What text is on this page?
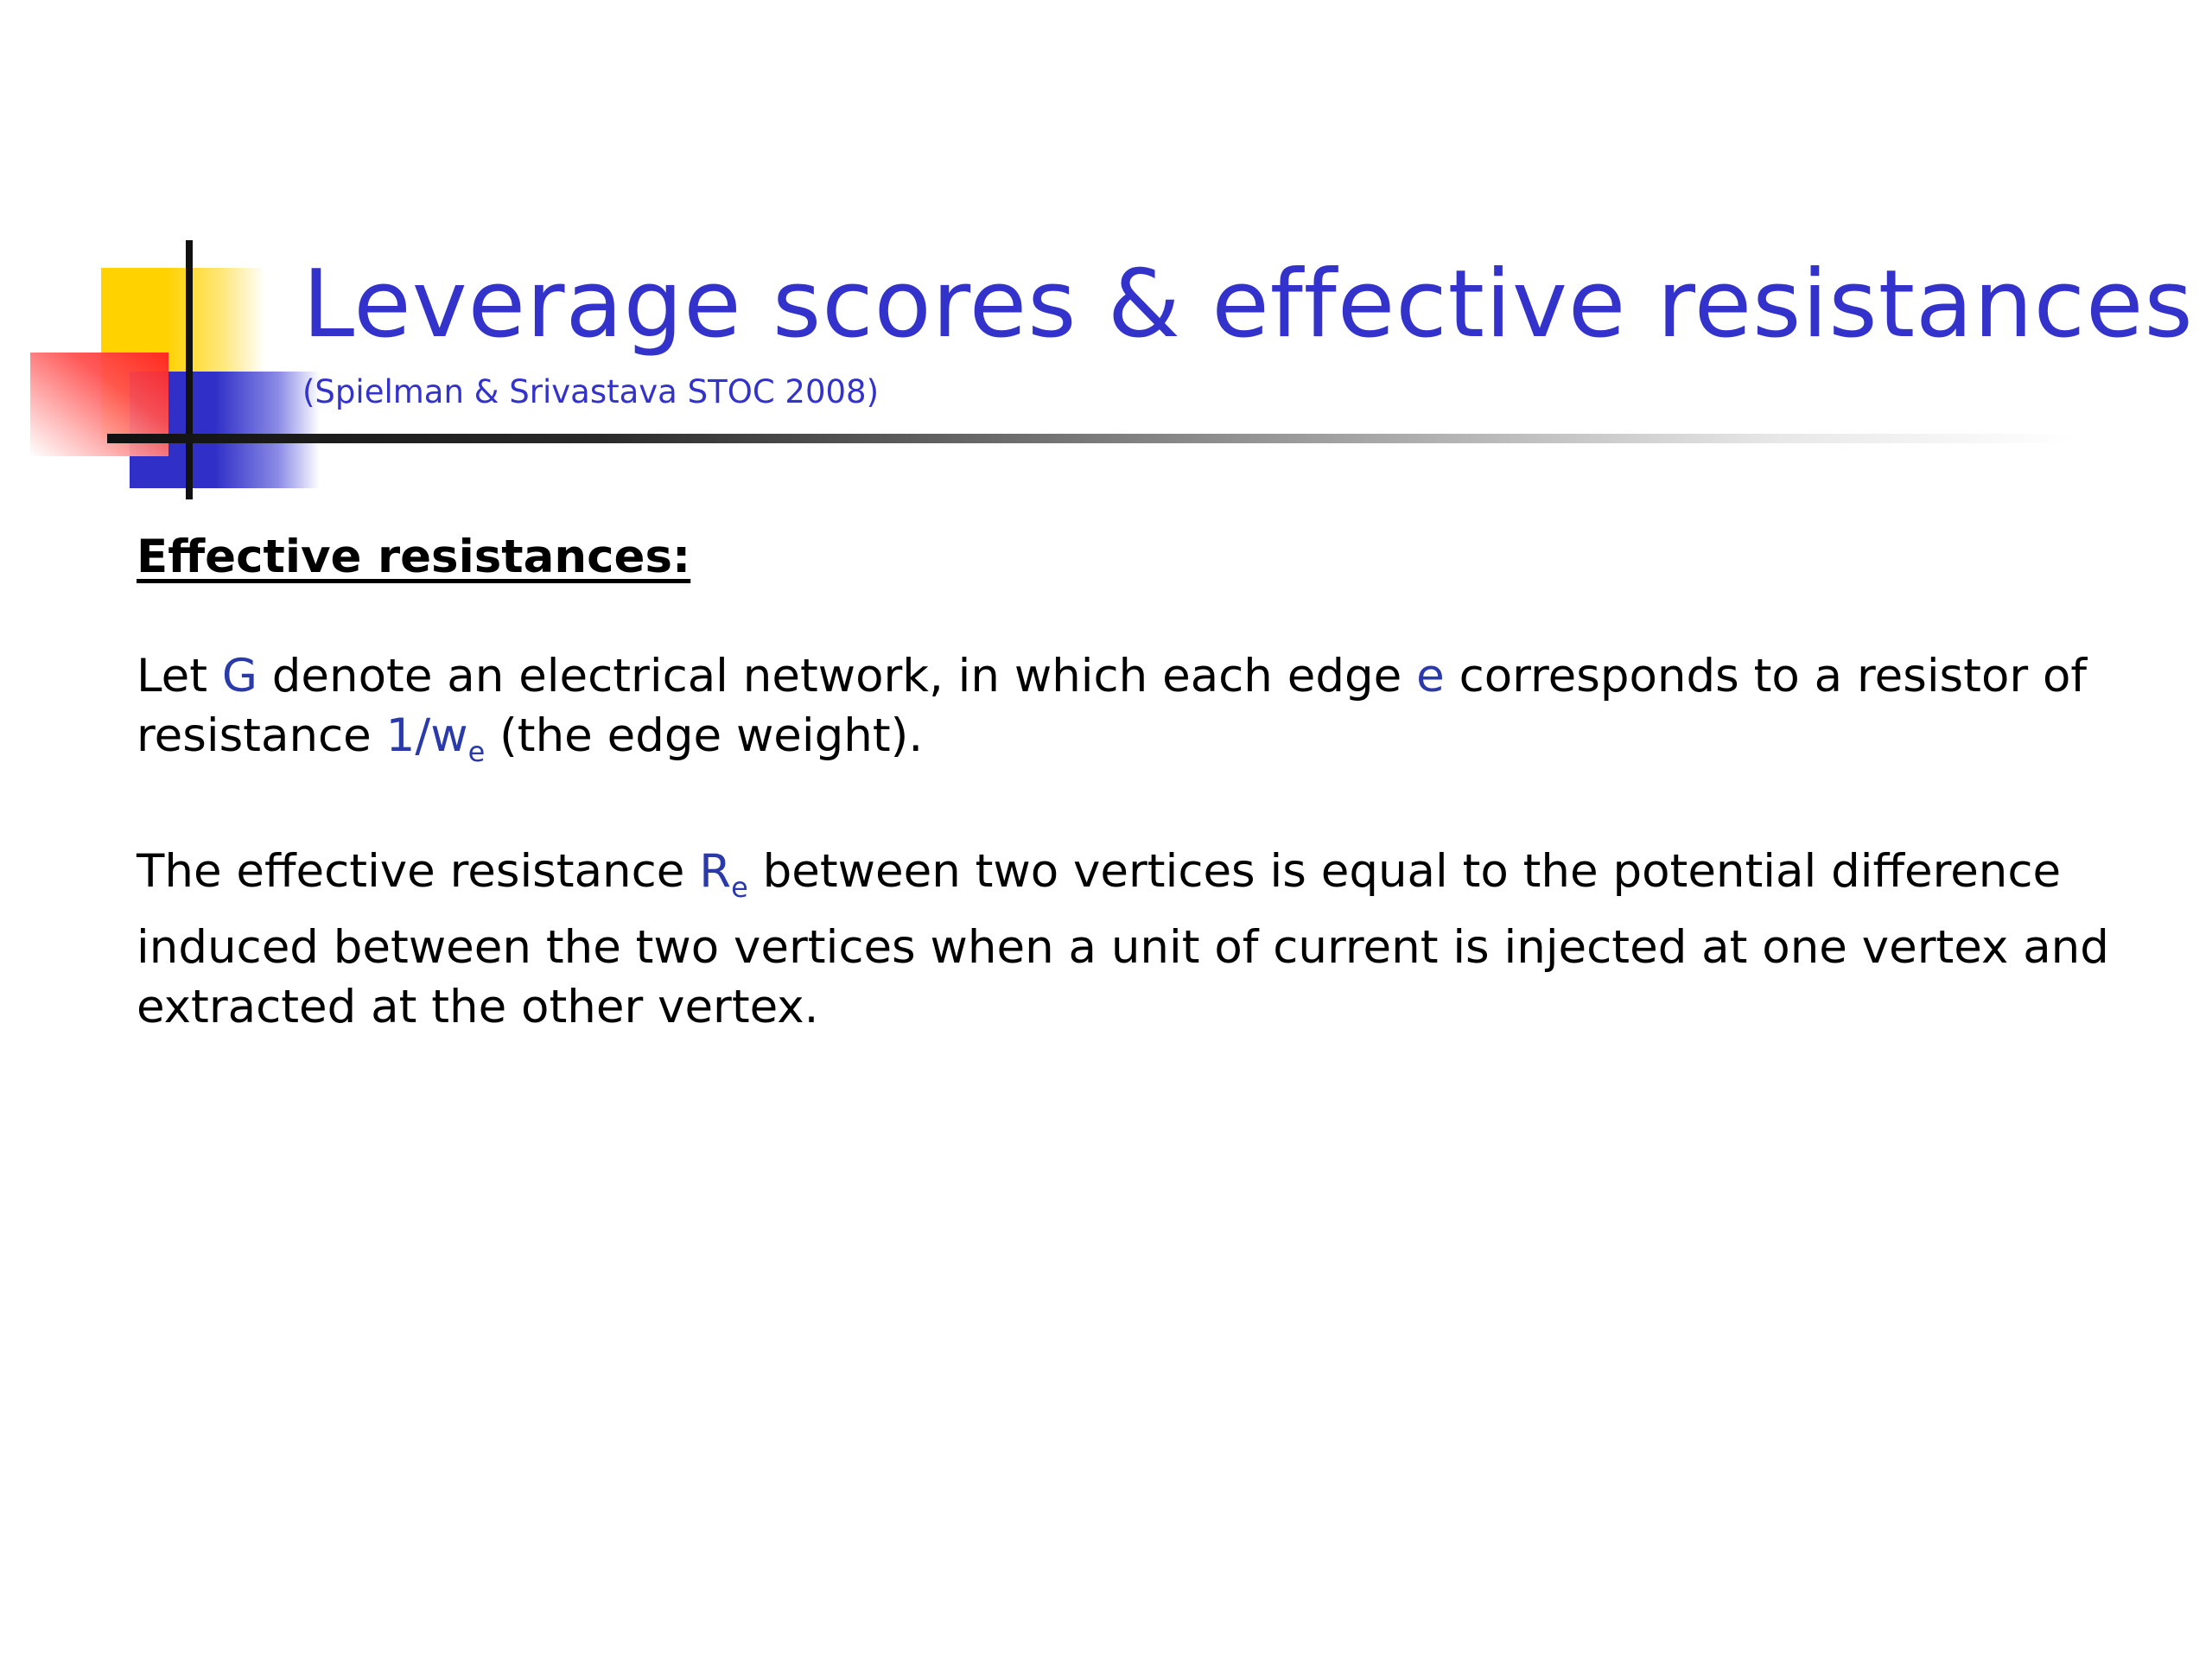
Leverage scores & effective resistances
(Spielman & Srivastava STOC 2008)
Effective resistances:
Let G denote an electrical network, in which each edge e corresponds to a resistor of
resistance $1/w_e$ (the edge weight).
The effective resistance $R_e$ between two vertices is equal to the potential difference
induced between the two vertices when a unit of current is injected at one vertex and
extracted at the other vertex.
